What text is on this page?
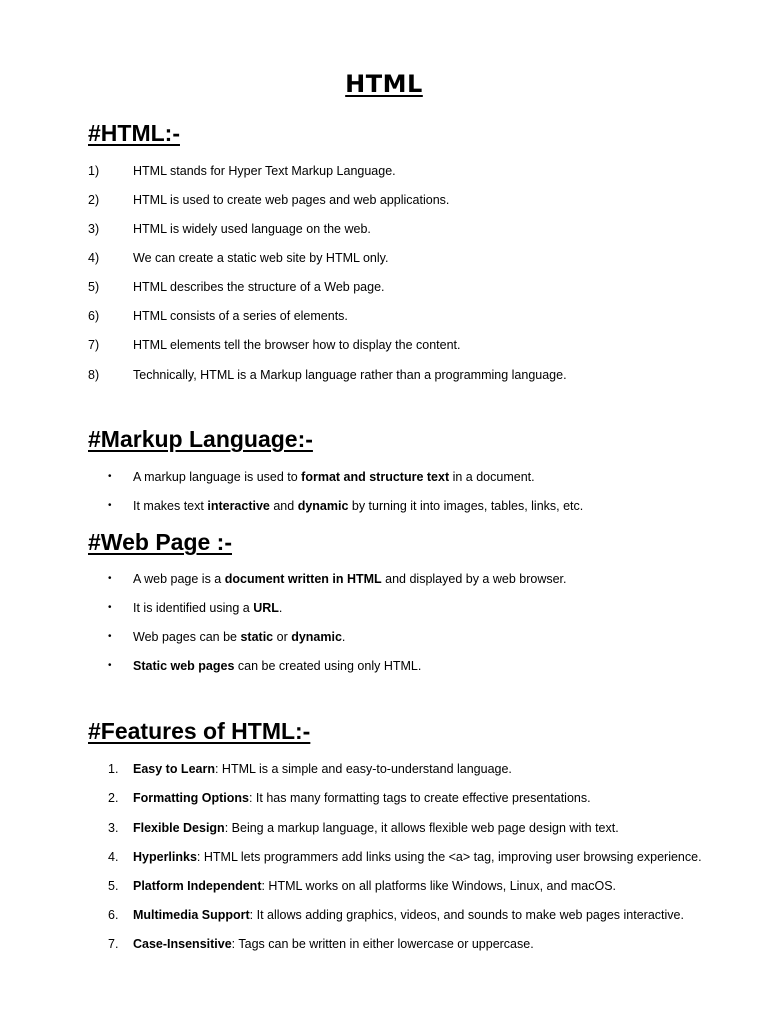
HTML
#HTML:-
1)	HTML stands for Hyper Text Markup Language.
2)	HTML is used to create web pages and web applications.
3)	HTML is widely used language on the web.
4)	We can create a static web site by HTML only.
5)	HTML describes the structure of a Web page.
6)	HTML consists of a series of elements.
7)	HTML elements tell the browser how to display the content.
8)	Technically, HTML is a Markup language rather than a programming language.
#Markup Language:-
• A markup language is used to format and structure text in a document.
• It makes text interactive and dynamic by turning it into images, tables, links, etc.
#Web Page :-
• A web page is a document written in HTML and displayed by a web browser.
• It is identified using a URL.
• Web pages can be static or dynamic.
• Static web pages can be created using only HTML.
#Features of HTML:-
1. Easy to Learn: HTML is a simple and easy-to-understand language.
2. Formatting Options: It has many formatting tags to create effective presentations.
3. Flexible Design: Being a markup language, it allows flexible web page design with text.
4. Hyperlinks: HTML lets programmers add links using the <a> tag, improving user browsing experience.
5. Platform Independent: HTML works on all platforms like Windows, Linux, and macOS.
6. Multimedia Support: It allows adding graphics, videos, and sounds to make web pages interactive.
7. Case-Insensitive: Tags can be written in either lowercase or uppercase.
